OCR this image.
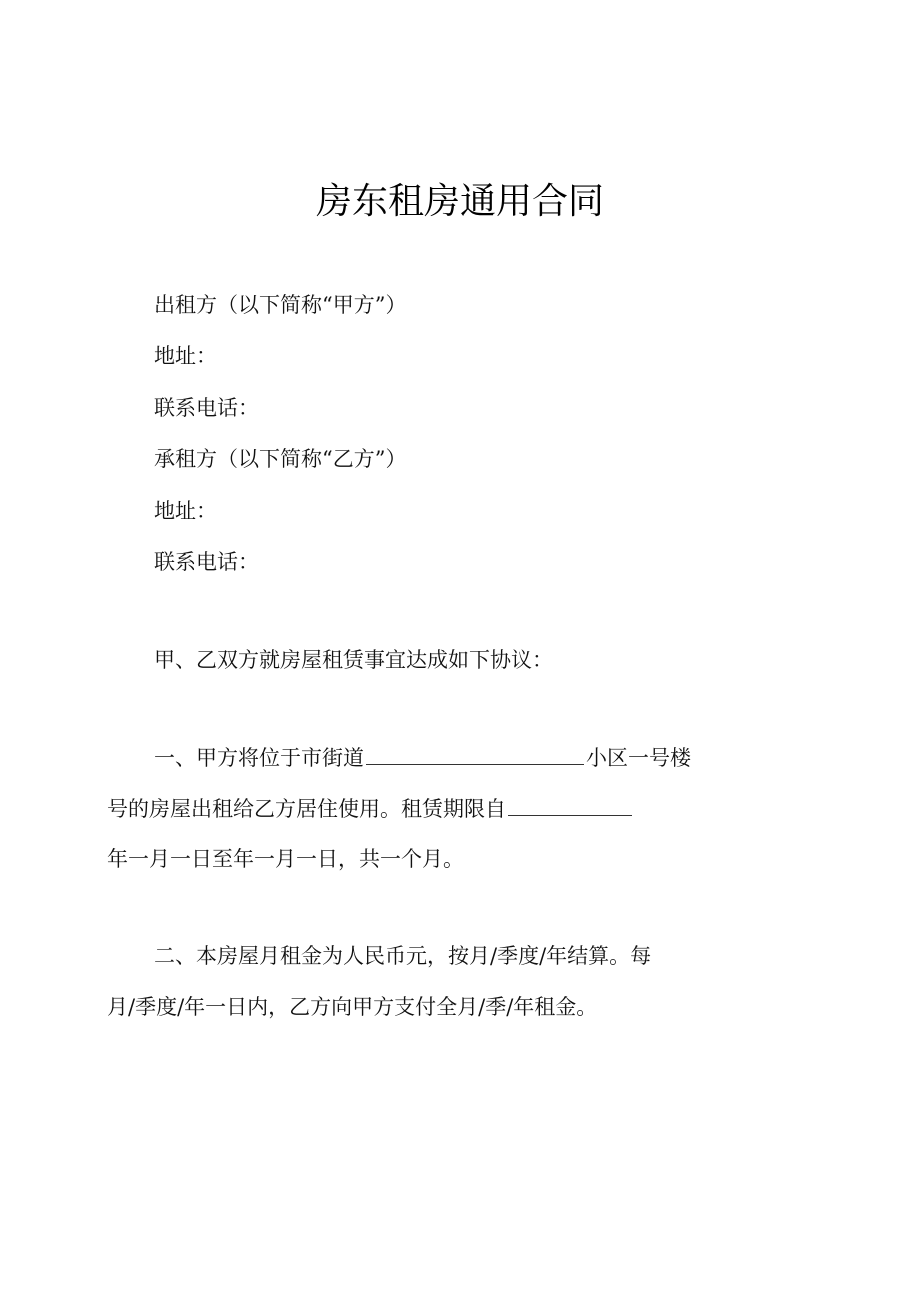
房东租房通用合同
出租方（以下简称“甲方”）
地址：
联系电话：
承租方（以下简称“乙方”）
地址：
联系电话：
甲、乙双方就房屋租赁事宜达成如下协议：
一、甲方将位于市街道	小区一号楼
号的房屋出租给乙方居住使用。租赁期限自
年一月一日至年一月一日，共一个月。
二、本房屋月租金为人民币元，按月/季度/年结算。每
月/季度/年一日内，乙方向甲方支付全月/季/年租金。
